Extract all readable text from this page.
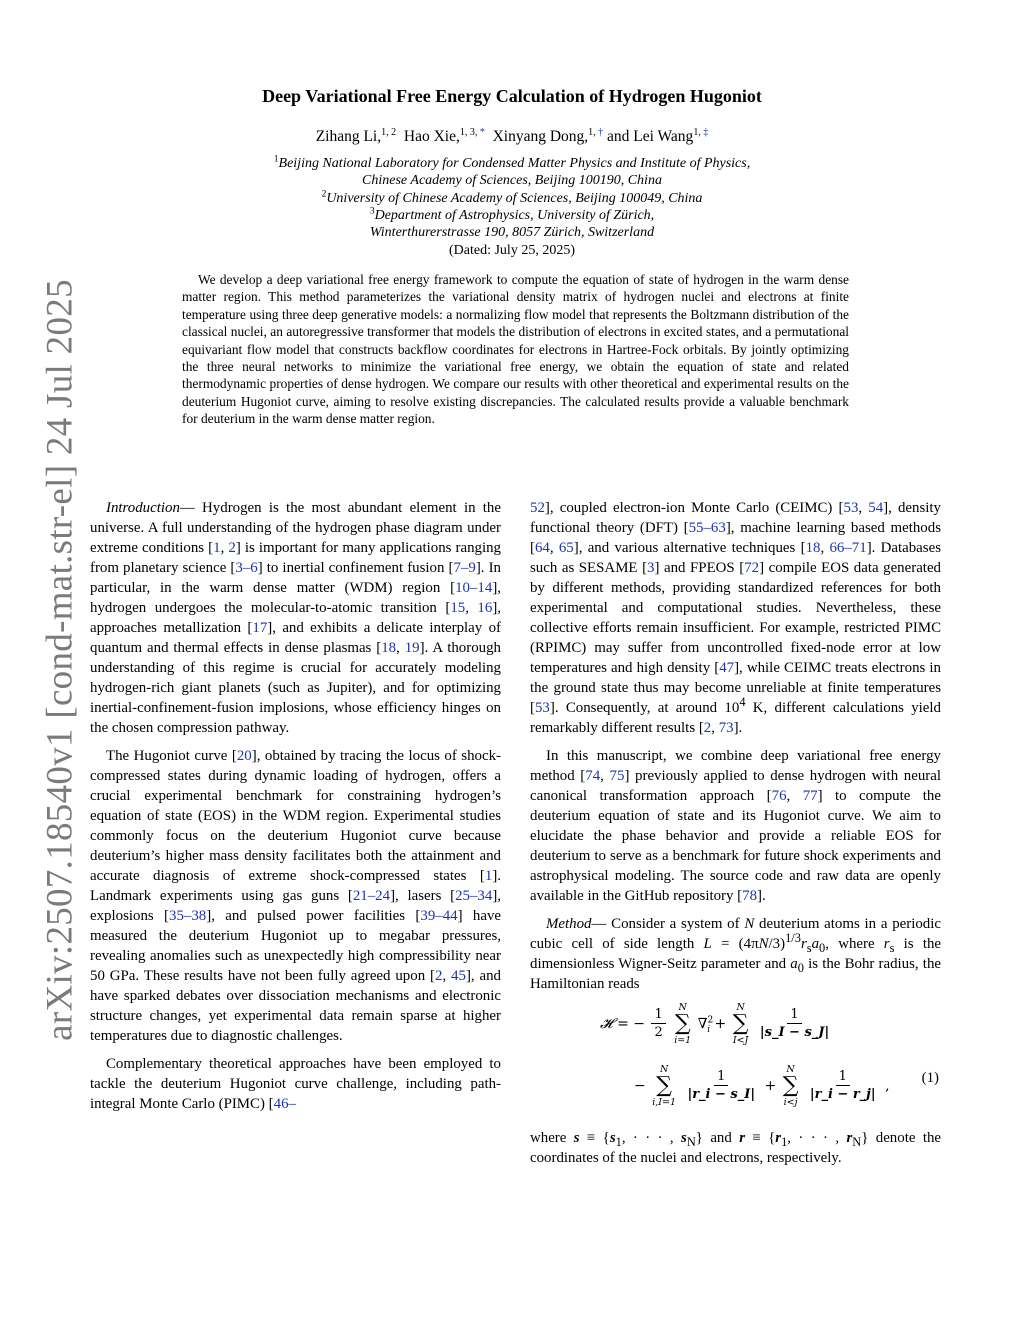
arXiv:2507.18540v1 [cond-mat.str-el] 24 Jul 2025
Deep Variational Free Energy Calculation of Hydrogen Hugoniot
Zihang Li,$^{1, 2}$ Hao Xie,$^{1, 3, *}$ Xinyang Dong,$^{1, \dagger}$ and Lei Wang$^{1, \ddagger}$
$^1$Beijing National Laboratory for Condensed Matter Physics and Institute of Physics,
Chinese Academy of Sciences, Beijing 100190, China
$^2$University of Chinese Academy of Sciences, Beijing 100049, China
$^3$Department of Astrophysics, University of Zürich,
Winterthurerstrasse 190, 8057 Zürich, Switzerland
(Dated: July 25, 2025)

We develop a deep variational free energy framework to compute the equation of state of hydrogen in the warm dense matter region. This method parameterizes the variational density matrix of hydrogen nuclei and electrons at finite temperature using three deep generative models: a normalizing flow model that represents the Boltzmann distribution of the classical nuclei, an autoregressive transformer that models the distribution of electrons in excited states, and a permutational equivariant flow model that constructs backflow coordinates for electrons in Hartree-Fock orbitals. By jointly optimizing the three neural networks to minimize the variational free energy, we obtain the equation of state and related thermodynamic properties of dense hydrogen. We compare our results with other theoretical and experimental results on the deuterium Hugoniot curve, aiming to resolve existing discrepancies. The calculated results provide a valuable benchmark for deuterium in the warm dense matter region.

Introduction— Hydrogen is the most abundant element in the universe. A full understanding of the hydrogen phase diagram under extreme conditions [1, 2] is important for many applications ranging from planetary science [3–6] to inertial confinement fusion [7–9]. In particular, in the warm dense matter (WDM) region [10–14], hydrogen undergoes the molecular-to-atomic transition [15, 16], approaches metallization [17], and exhibits a delicate interplay of quantum and thermal effects in dense plasmas [18, 19]. A thorough understanding of this regime is crucial for accurately modeling hydrogen-rich giant planets (such as Jupiter), and for optimizing inertial-confinement-fusion implosions, whose efficiency hinges on the chosen compression pathway.

The Hugoniot curve [20], obtained by tracing the locus of shock-compressed states during dynamic loading of hydrogen, offers a crucial experimental benchmark for constraining hydrogen’s equation of state (EOS) in the WDM region. Experimental studies commonly focus on the deuterium Hugoniot curve because deuterium’s higher mass density facilitates both the attainment and accurate diagnosis of extreme shock-compressed states [1]. Landmark experiments using gas guns [21–24], lasers [25–34], explosions [35–38], and pulsed power facilities [39–44] have measured the deuterium Hugoniot up to megabar pressures, revealing anomalies such as unexpectedly high compressibility near 50 GPa. These results have not been fully agreed upon [2, 45], and have sparked debates over dissociation mechanisms and electronic structure changes, yet experimental data remain sparse at higher temperatures due to diagnostic challenges.

Complementary theoretical approaches have been employed to tackle the deuterium Hugoniot curve challenge, including path-integral Monte Carlo (PIMC) [46–

52], coupled electron-ion Monte Carlo (CEIMC) [53, 54], density functional theory (DFT) [55–63], machine learning based methods [64, 65], and various alternative techniques [18, 66–71]. Databases such as SESAME [3] and FPEOS [72] compile EOS data generated by different methods, providing standardized references for both experimental and computational studies. Nevertheless, these collective efforts remain insufficient. For example, restricted PIMC (RPIMC) may suffer from uncontrolled fixed-node error at low temperatures and high density [47], while CEIMC treats electrons in the ground state thus may become unreliable at finite temperatures [53]. Consequently, at around $10^4$ K, different calculations yield remarkably different results [2, 73].

In this manuscript, we combine deep variational free energy method [74, 75] previously applied to dense hydrogen with neural canonical transformation approach [76, 77] to compute the deuterium equation of state and its Hugoniot curve. We aim to elucidate the phase behavior and provide a reliable EOS for deuterium to serve as a benchmark for future shock experiments and astrophysical modeling. The source code and raw data are openly available in the GitHub repository [78].

Method— Consider a system of N deuterium atoms in a periodic cubic cell of side length $L = (4\pi N/3)^{1/3}r_sa_0$, where $r_s$ is the dimensionless Wigner-Seitz parameter and $a_0$ is the Bohr radius, the Hamiltonian reads

𝓗 = − $\frac{1}{2}$
N
∑
i=1
∇$^2_i$ +
N
∑
I<J
$\frac{1}{|s\_I - s\_J|}$
−
N
∑
i,I=1
$\frac{1}{|r\_i - s\_I|}$ +
N
∑
i<j
$\frac{1}{|r\_i - r\_j|}$ , (1)

where $s \equiv \{s_1$, · · · , $s_N$} and $r \equiv \{r_1$, · · · , $r_N$} denote the coordinates of the nuclei and electrons, respectively.
